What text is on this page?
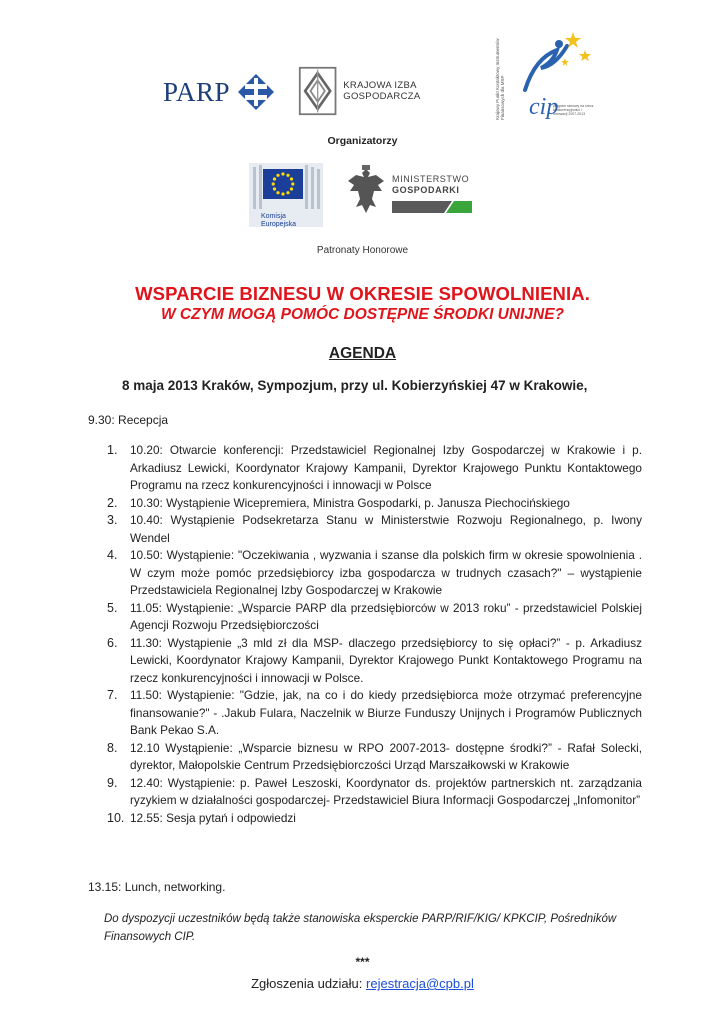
PARP	KRAJOWA IZBA GOSPODARCZA	Krajowy Punkt Kontaktowy Instrumentów Finansowych dla MSP	cip
program ramowy na rzecz konkurencyjności i innowacji 2007-2013
Organizatorzy
Komisja Europejska
MINISTERSTWO
GOSPODARKI
Patronaty Honorowe
WSPARCIE BIZNESU W OKRESIE SPOWOLNIENIA.
W CZYM MOGĄ POMÓC DOSTĘPNE ŚRODKI UNIJNE?
AGENDA
8 maja 2013 Kraków, Sympozjum, przy ul. Kobierzyńskiej 47 w Krakowie,
9.30: Recepcja
1. 10.20: Otwarcie konferencji: Przedstawiciel Regionalnej Izby Gospodarczej w Krakowie i p. Arkadiusz Lewicki, Koordynator Krajowy Kampanii, Dyrektor Krajowego Punktu Kontaktowego Programu na rzecz konkurencyjności i innowacji w Polsce
2. 10.30: Wystąpienie Wicepremiera, Ministra Gospodarki, p. Janusza Piechocińskiego
3. 10.40: Wystąpienie Podsekretarza Stanu w Ministerstwie Rozwoju Regionalnego, p. Iwony Wendel
4. 10.50: Wystąpienie: "Oczekiwania , wyzwania i szanse dla polskich firm w okresie spowolnienia . W czym może pomóc przedsiębiorcy izba gospodarcza w trudnych czasach?" – wystąpienie Przedstawiciela Regionalnej Izby Gospodarczej w Krakowie
5. 11.05: Wystąpienie: „Wsparcie PARP dla przedsiębiorców w 2013 roku” - przedstawiciel Polskiej Agencji Rozwoju Przedsiębiorczości
6. 11.30: Wystąpienie „3 mld zł dla MSP- dlaczego przedsiębiorcy to się opłaci?” - p. Arkadiusz Lewicki, Koordynator Krajowy Kampanii, Dyrektor Krajowego Punkt Kontaktowego Programu na rzecz konkurencyjności i innowacji w Polsce.
7. 11.50: Wystąpienie: "Gdzie, jak, na co i do kiedy przedsiębiorca może otrzymać preferencyjne finansowanie?" - .Jakub Fulara, Naczelnik w Biurze Funduszy Unijnych i Programów Publicznych Bank Pekao S.A.
8. 12.10 Wystąpienie: „Wsparcie biznesu w RPO 2007-2013- dostępne środki?” - Rafał Solecki, dyrektor, Małopolskie Centrum Przedsiębiorczości Urząd Marszałkowski w Krakowie
9. 12.40: Wystąpienie: p. Paweł Leszoski, Koordynator ds. projektów partnerskich nt. zarządzania ryzykiem w działalności gospodarczej- Przedstawiciel Biura Informacji Gospodarczej „Infomonitor”
10. 12.55: Sesja pytań i odpowiedzi
13.15: Lunch, networking.
Do dyspozycji uczestników będą także stanowiska eksperckie PARP/RIF/KIG/ KPKCIP, Pośredników Finansowych CIP.
***
Zgłoszenia udziału: rejestracja@cpb.pl
